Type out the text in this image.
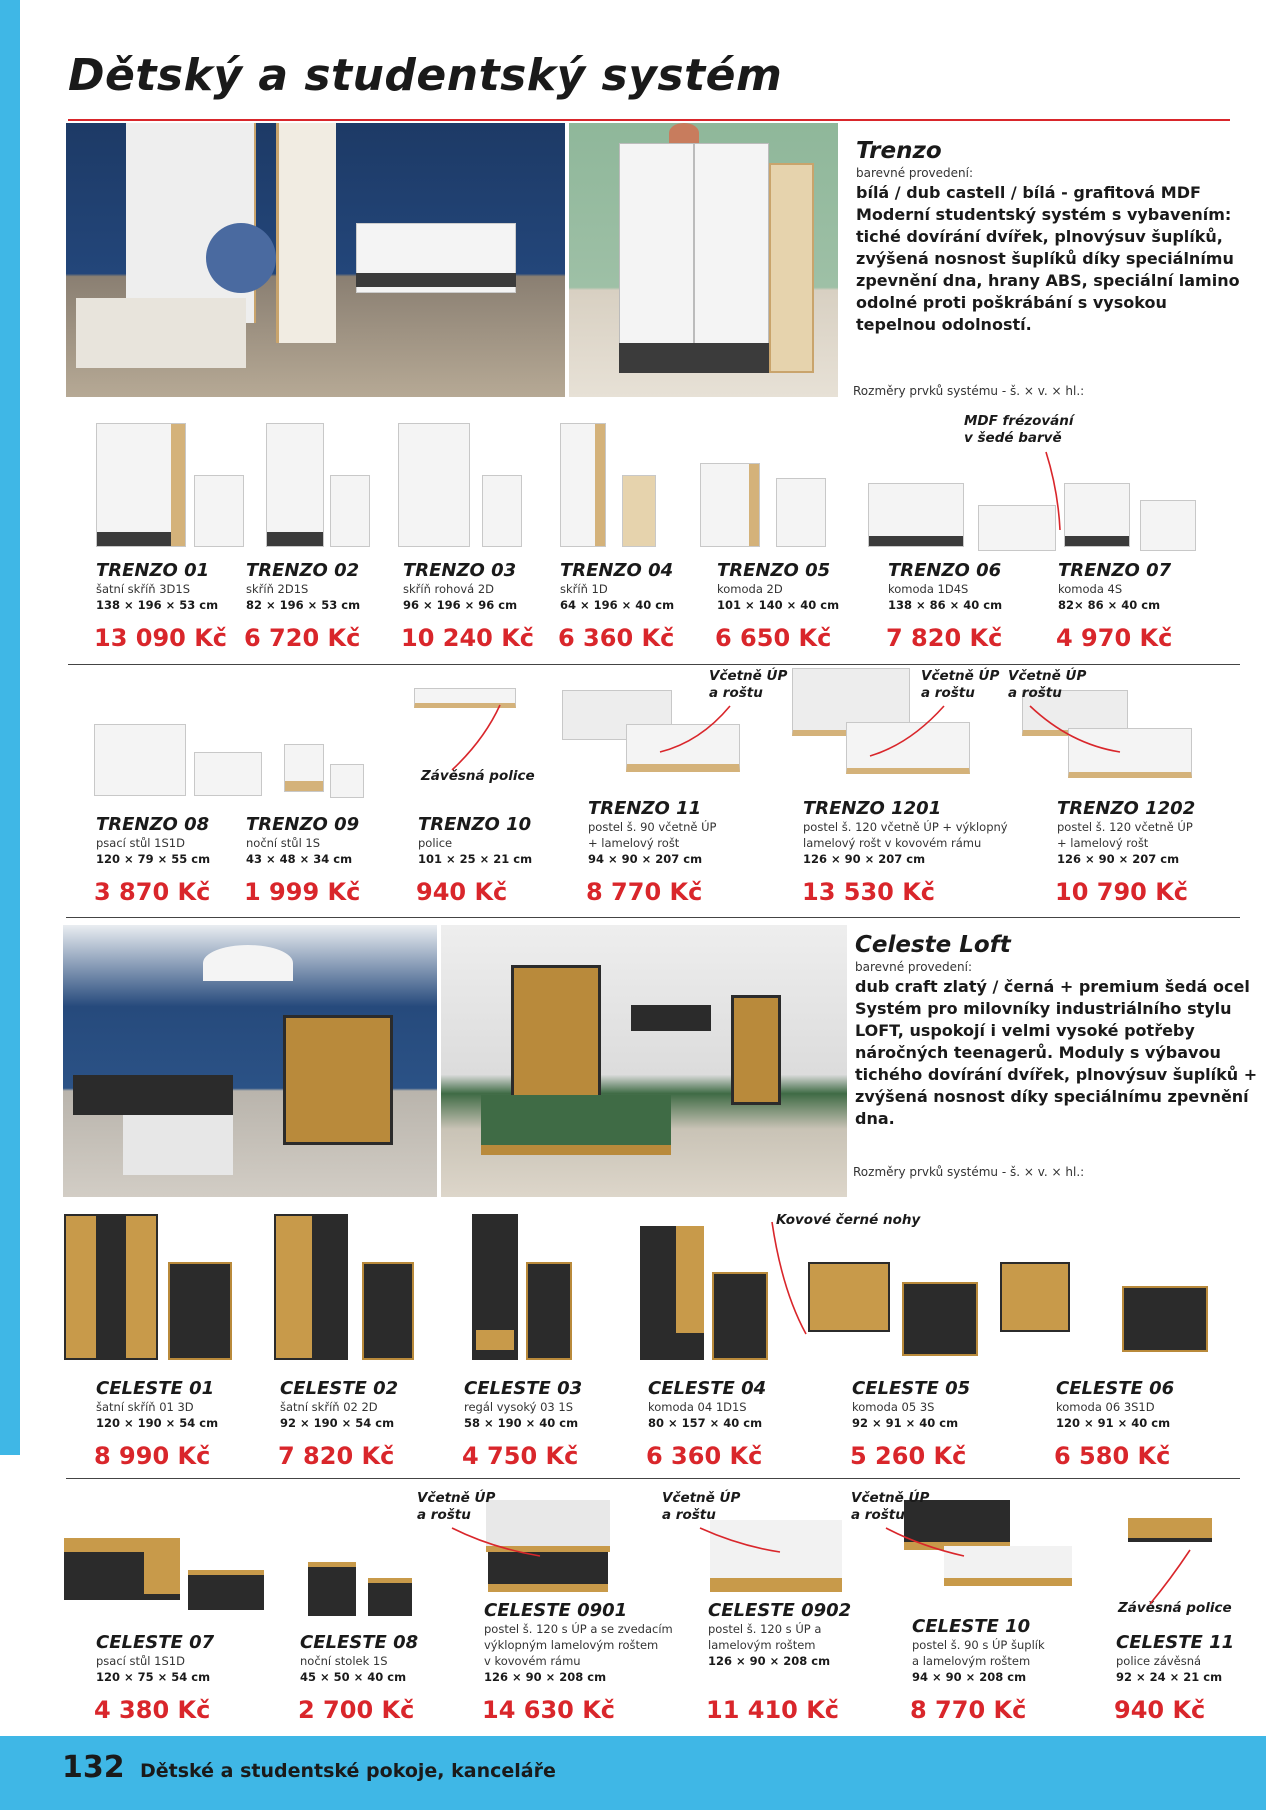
Dětský a studentský systém
Trenzo
barevné provedení:
bílá / dub castell / bílá - grafitová MDF
Moderní studentský systém s vybavením:
tiché dovírání dvířek, plnovýsuv šuplíků,
zvýšená nosnost šuplíků díky speciálnímu
zpevnění dna, hrany ABS, speciální lamino
odolné proti poškrábání s vysokou
tepelnou odolností.
Rozměry prvků systému - š. × v. × hl.:
MDF frézování
v šedé barvě
TRENZO 01
šatní skříň 3D1S
138 × 196 × 53 cm
TRENZO 02
skříň 2D1S
82 × 196 × 53 cm
TRENZO 03
skříň rohová 2D
96 × 196 × 96 cm
TRENZO 04
skříň 1D
64 × 196 × 40 cm
TRENZO 05
komoda 2D
101 × 140 × 40 cm
TRENZO 06
komoda 1D4S
138 × 86 × 40 cm
TRENZO 07
komoda 4S
82× 86 × 40 cm
13 090 Kč 6 720 Kč 10 240 Kč 6 360 Kč 6 650 Kč 7 820 Kč 4 970 Kč
Závěsná police
Včetně ÚP
a roštu
Včetně ÚP
a roštu
Včetně ÚP
a roštu
TRENZO 08
psací stůl 1S1D
120 × 79 × 55 cm
TRENZO 09
noční stůl 1S
43 × 48 × 34 cm
TRENZO 10
police
101 × 25 × 21 cm
TRENZO 11
postel š. 90 včetně ÚP
+ lamelový rošt
94 × 90 × 207 cm
TRENZO 1201
postel š. 120 včetně ÚP + výklopný
lamelový rošt v kovovém rámu
126 × 90 × 207 cm
TRENZO 1202
postel š. 120 včetně ÚP
+ lamelový rošt
126 × 90 × 207 cm
3 870 Kč 1 999 Kč 940 Kč	8 770 Kč	13 530 Kč	10 790 Kč
Celeste Loft
barevné provedení:
dub craft zlatý / černá + premium šedá ocel
Systém pro milovníky industriálního stylu
LOFT, uspokojí i velmi vysoké potřeby
náročných teenagerů. Moduly s výbavou
tichého dovírání dvířek, plnovýsuv šuplíků +
zvýšená nosnost díky speciálnímu zpevnění
dna.
Rozměry prvků systému - š. × v. × hl.:
Kovové černé nohy
CELESTE 01
šatní skříň 01 3D
120 × 190 × 54 cm
CELESTE 02
šatní skříň 02 2D
92 × 190 × 54 cm
CELESTE 03
regál vysoký 03 1S
58 × 190 × 40 cm
CELESTE 04
komoda 04 1D1S
80 × 157 × 40 cm
CELESTE 05
komoda 05 3S
92 × 91 × 40 cm
CELESTE 06
komoda 06 3S1D
120 × 91 × 40 cm
8 990 Kč	7 820 Kč	4 750 Kč	6 360 Kč	5 260 Kč	6 580 Kč
Včetně ÚP
a roštu
Včetně ÚP
a roštu
Včetně ÚP
a roštu
Závěsná police
CELESTE 07
psací stůl 1S1D
120 × 75 × 54 cm
CELESTE 08
noční stolek 1S
45 × 50 × 40 cm
CELESTE 0901
postel š. 120 s ÚP a se zvedacím
výklopným lamelovým roštem
v kovovém rámu
126 × 90 × 208 cm
CELESTE 0902
postel š. 120 s ÚP a
lamelovým roštem
126 × 90 × 208 cm
CELESTE 10
postel š. 90 s ÚP šuplík
a lamelovým roštem
94 × 90 × 208 cm
CELESTE 11
police závěsná
92 × 24 × 21 cm
4 380 Kč	2 700 Kč	14 630 Kč	11 410 Kč	8 770 Kč	940 Kč
132 Dětské a studentské pokoje, kanceláře
